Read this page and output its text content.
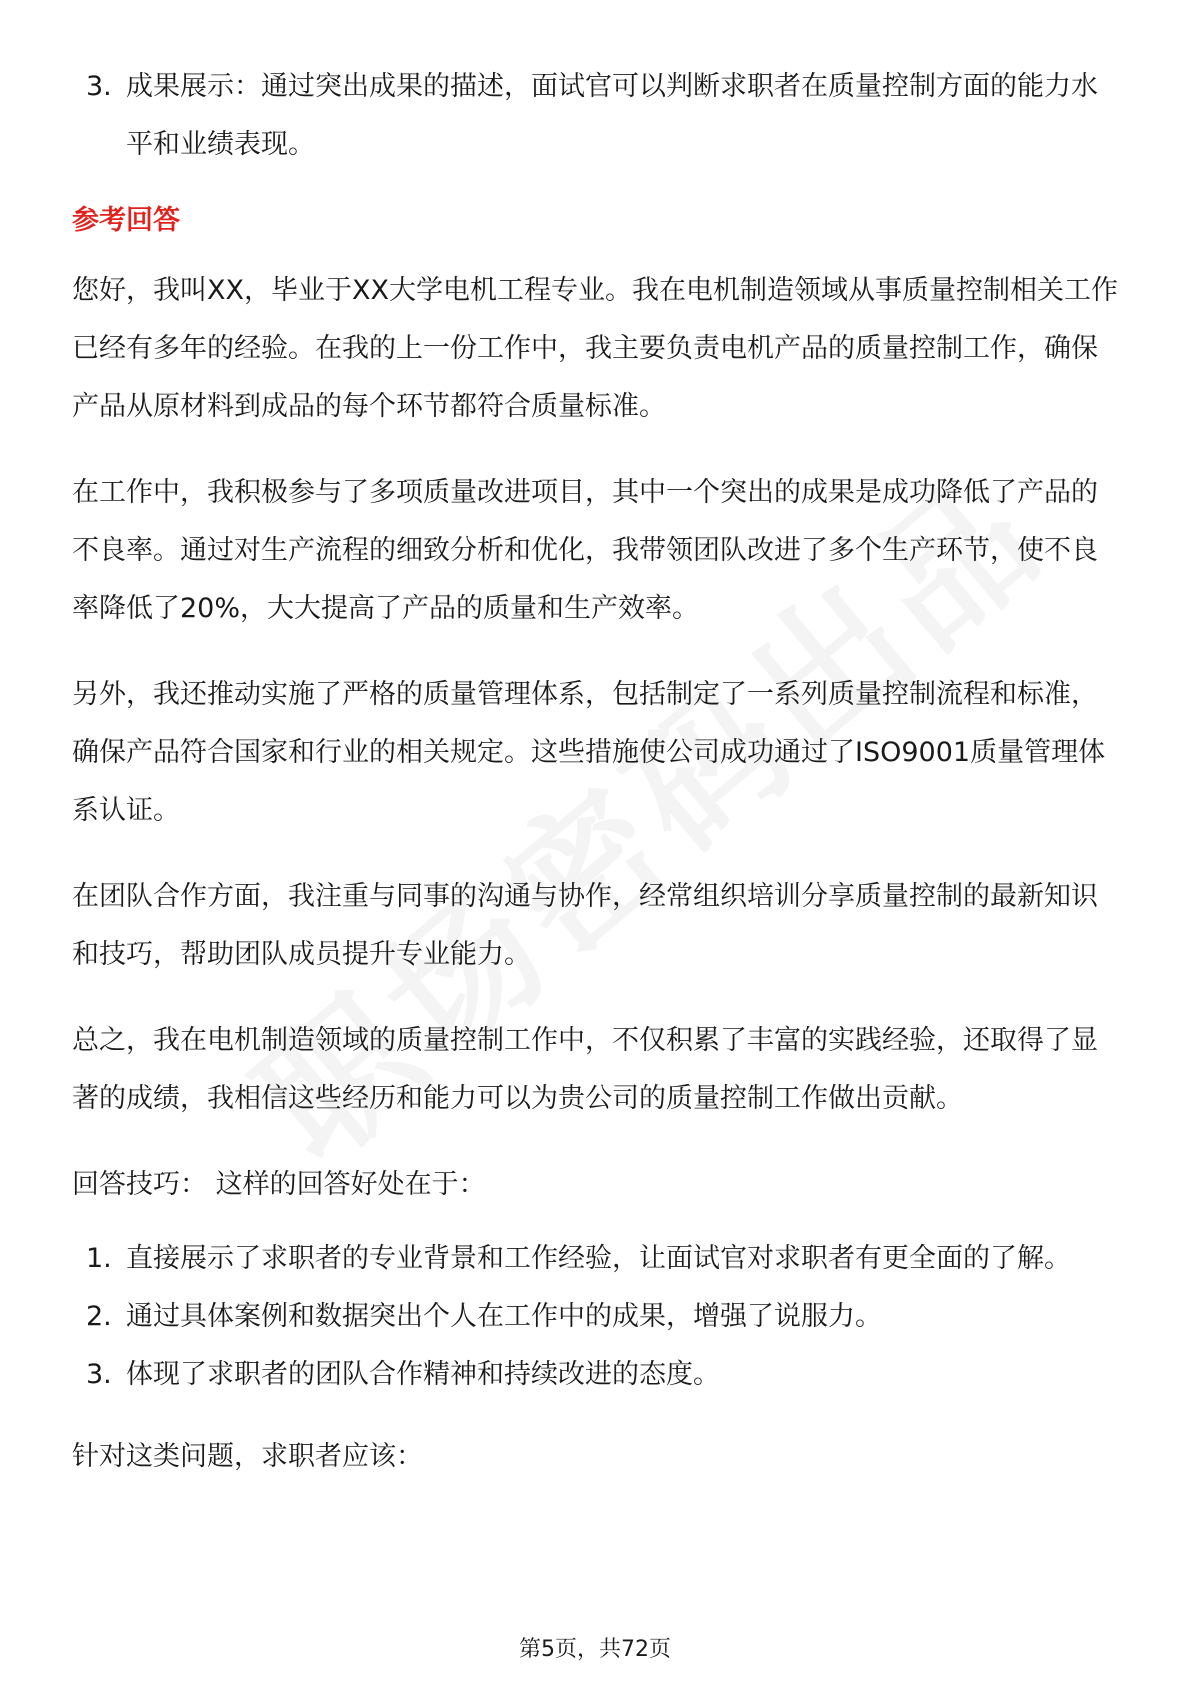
3. 成果展示：通过突出成果的描述，面试官可以判断求职者在质量控制方面的能力水平和业绩表现。
参考回答

您好，我叫XX，毕业于XX大学电机工程专业。我在电机制造领域从事质量控制相关工作已经有多年的经验。在我的上一份工作中，我主要负责电机产品的质量控制工作，确保产品从原材料到成品的每个环节都符合质量标准。

在工作中，我积极参与了多项质量改进项目，其中一个突出的成果是成功降低了产品的不良率。通过对生产流程的细致分析和优化，我带领团队改进了多个生产环节，使不良率降低了20%，大大提高了产品的质量和生产效率。

另外，我还推动实施了严格的质量管理体系，包括制定了一系列质量控制流程和标准，确保产品符合国家和行业的相关规定。这些措施使公司成功通过了ISO9001质量管理体系认证。

在团队合作方面，我注重与同事的沟通与协作，经常组织培训分享质量控制的最新知识和技巧，帮助团队成员提升专业能力。

总之，我在电机制造领域的质量控制工作中，不仅积累了丰富的实践经验，还取得了显著的成绩，我相信这些经历和能力可以为贵公司的质量控制工作做出贡献。

回答技巧： 这样的回答好处在于：

1. 直接展示了求职者的专业背景和工作经验，让面试官对求职者有更全面的了解。
2. 通过具体案例和数据突出个人在工作中的成果，增强了说服力。
3. 体现了求职者的团队合作精神和持续改进的态度。

针对这类问题，求职者应该：

第5页，共72页
